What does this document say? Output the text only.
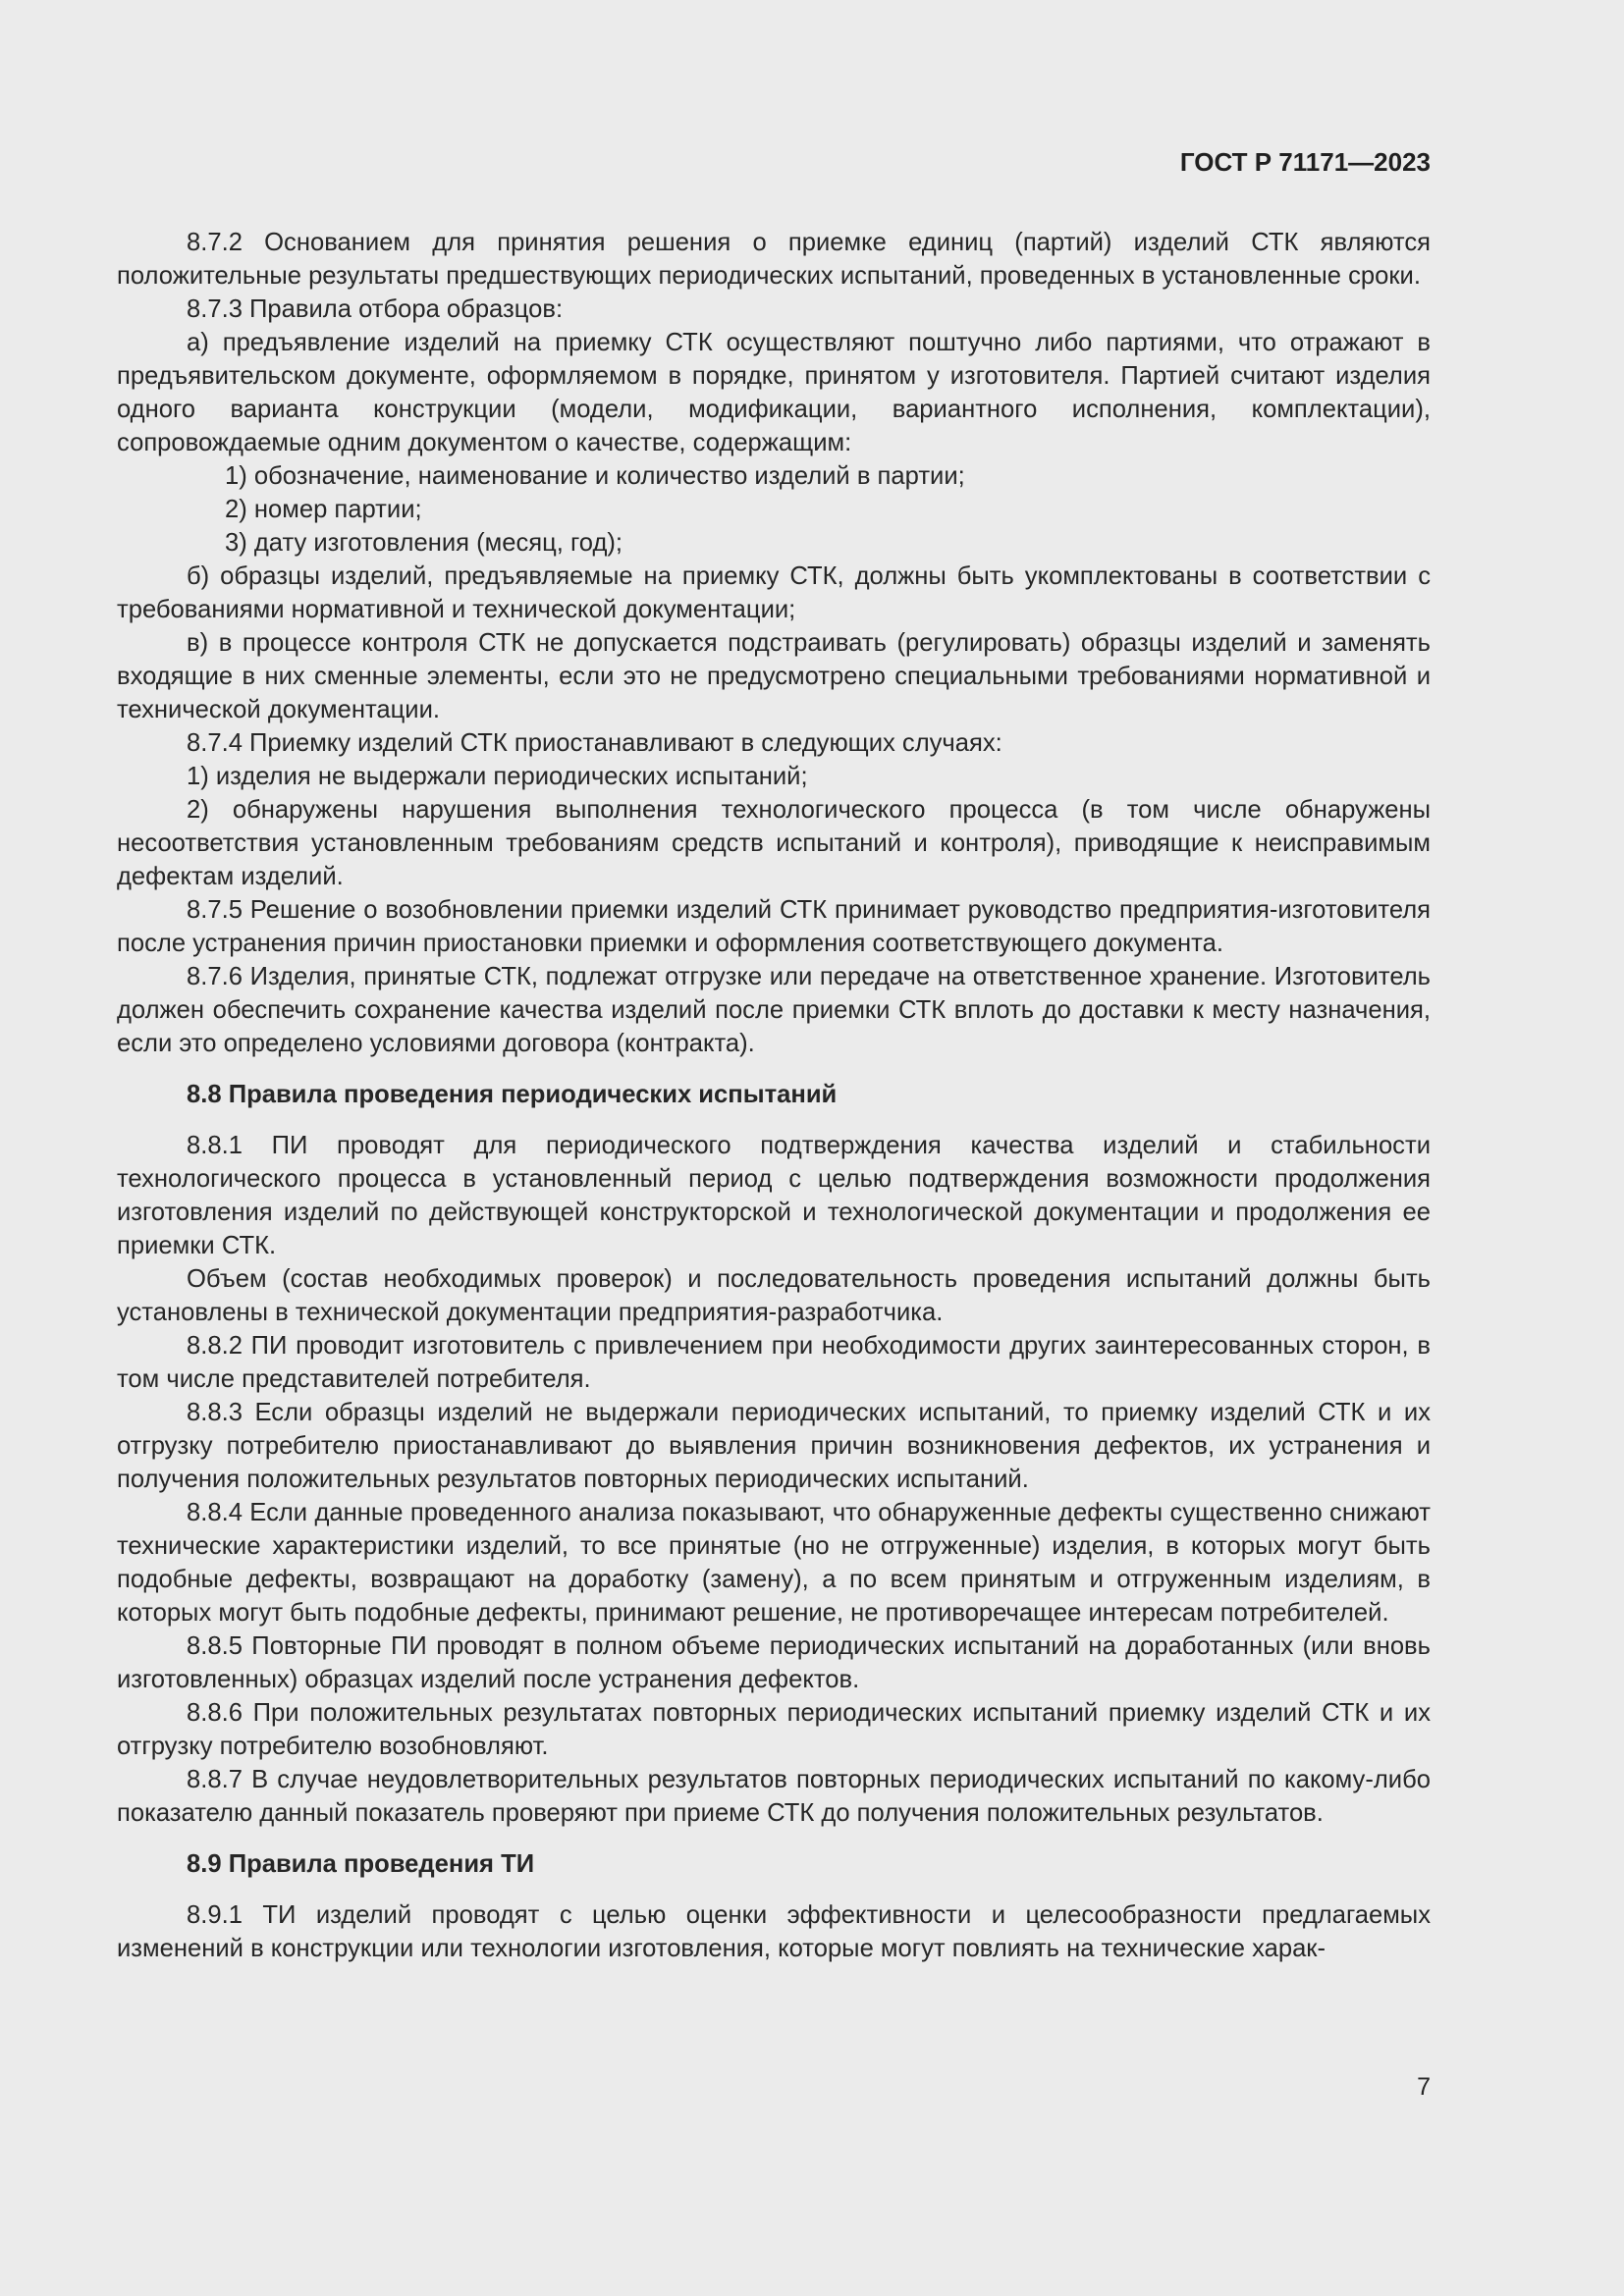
ГОСТ Р 71171—2023

8.7.2 Основанием для принятия решения о приемке единиц (партий) изделий СТК являются положительные результаты предшествующих периодических испытаний, проведенных в установленные сроки.

8.7.3 Правила отбора образцов:

а) предъявление изделий на приемку СТК осуществляют поштучно либо партиями, что отражают в предъявительском документе, оформляемом в порядке, принятом у изготовителя. Партией считают изделия одного варианта конструкции (модели, модификации, вариантного исполнения, комплектации), сопровождаемые одним документом о качестве, содержащим:

1) обозначение, наименование и количество изделий в партии;

2) номер партии;

3) дату изготовления (месяц, год);

б) образцы изделий, предъявляемые на приемку СТК, должны быть укомплектованы в соответствии с требованиями нормативной и технической документации;

в) в процессе контроля СТК не допускается подстраивать (регулировать) образцы изделий и заменять входящие в них сменные элементы, если это не предусмотрено специальными требованиями нормативной и технической документации.

8.7.4 Приемку изделий СТК приостанавливают в следующих случаях:

1) изделия не выдержали периодических испытаний;

2) обнаружены нарушения выполнения технологического процесса (в том числе обнаружены несоответствия установленным требованиям средств испытаний и контроля), приводящие к неисправимым дефектам изделий.

8.7.5 Решение о возобновлении приемки изделий СТК принимает руководство предприятия-изготовителя после устранения причин приостановки приемки и оформления соответствующего документа.

8.7.6 Изделия, принятые СТК, подлежат отгрузке или передаче на ответственное хранение. Изготовитель должен обеспечить сохранение качества изделий после приемки СТК вплоть до доставки к месту назначения, если это определено условиями договора (контракта).

8.8 Правила проведения периодических испытаний

8.8.1 ПИ проводят для периодического подтверждения качества изделий и стабильности технологического процесса в установленный период с целью подтверждения возможности продолжения изготовления изделий по действующей конструкторской и технологической документации и продолжения ее приемки СТК.

Объем (состав необходимых проверок) и последовательность проведения испытаний должны быть установлены в технической документации предприятия-разработчика.

8.8.2 ПИ проводит изготовитель с привлечением при необходимости других заинтересованных сторон, в том числе представителей потребителя.

8.8.3 Если образцы изделий не выдержали периодических испытаний, то приемку изделий СТК и их отгрузку потребителю приостанавливают до выявления причин возникновения дефектов, их устранения и получения положительных результатов повторных периодических испытаний.

8.8.4 Если данные проведенного анализа показывают, что обнаруженные дефекты существенно снижают технические характеристики изделий, то все принятые (но не отгруженные) изделия, в которых могут быть подобные дефекты, возвращают на доработку (замену), а по всем принятым и отгруженным изделиям, в которых могут быть подобные дефекты, принимают решение, не противоречащее интересам потребителей.

8.8.5 Повторные ПИ проводят в полном объеме периодических испытаний на доработанных (или вновь изготовленных) образцах изделий после устранения дефектов.

8.8.6 При положительных результатах повторных периодических испытаний приемку изделий СТК и их отгрузку потребителю возобновляют.

8.8.7 В случае неудовлетворительных результатов повторных периодических испытаний по какому-либо показателю данный показатель проверяют при приеме СТК до получения положительных результатов.

8.9 Правила проведения ТИ

8.9.1 ТИ изделий проводят с целью оценки эффективности и целесообразности предлагаемых изменений в конструкции или технологии изготовления, которые могут повлиять на технические харак-

7
